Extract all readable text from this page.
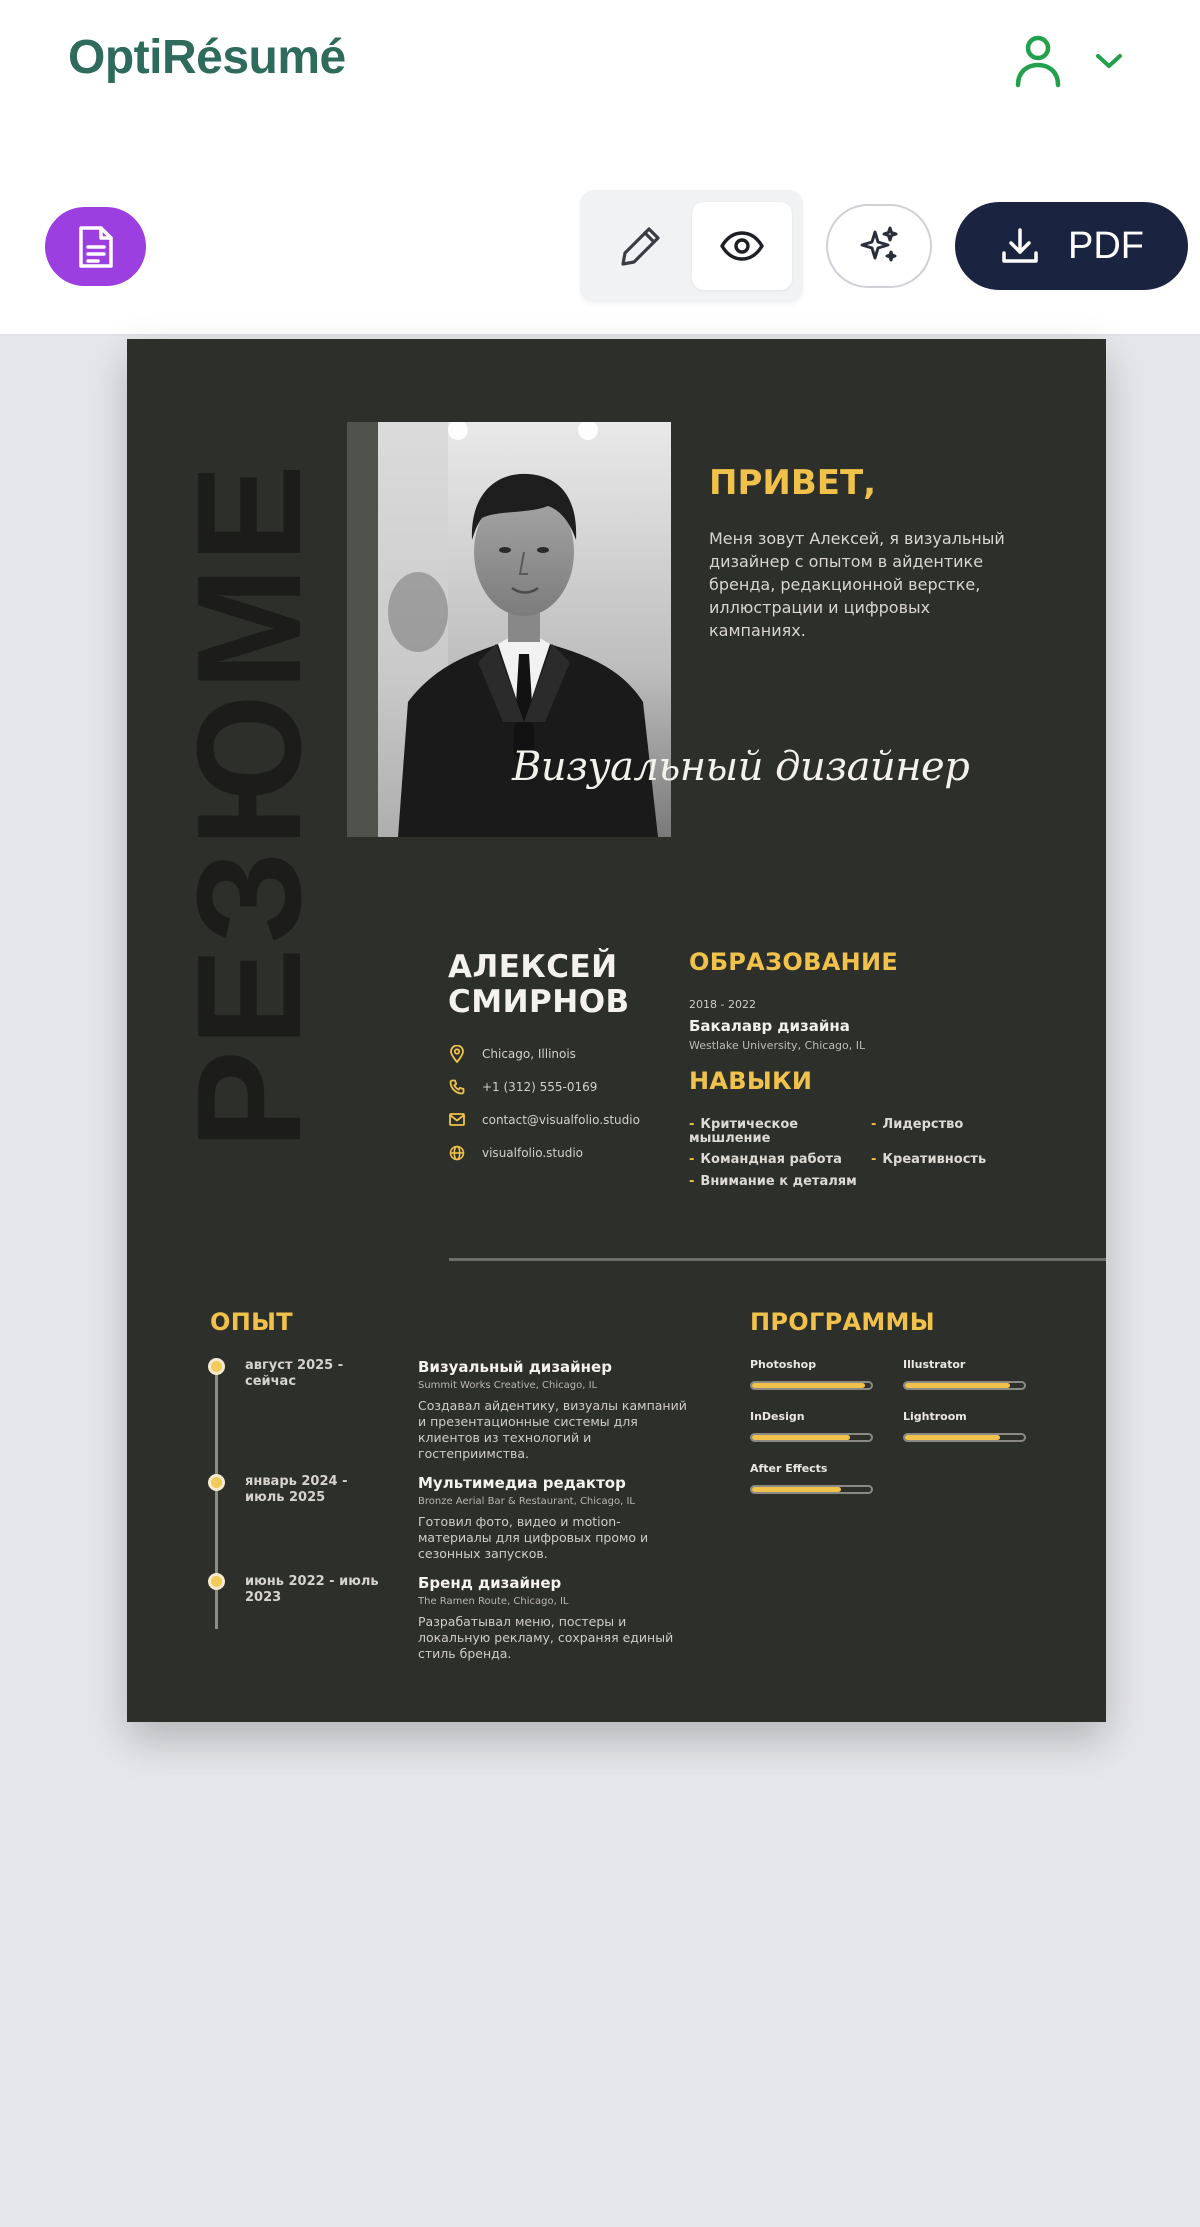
OptiRésumé
PDF
РЕЗЮМЕ	Визуальный дизайнер
ПРИВЕТ,
Меня зовут Алексей, я визуальный дизайнер с опытом в айдентике бренда, редакционной верстке, иллюстрации и цифровых кампаниях.
АЛЕКСЕЙ
СМИРНОВ
Chicago, Illinois
+1 (312) 555-0169
contact@visualfolio.studio
visualfolio.studio
ОБРАЗОВАНИЕ
2018 - 2022
Бакалавр дизайна
Westlake University, Chicago, IL
НАВЫКИ
- Критическое мышление
- Лидерство
- Командная работа - Креативность
- Внимание к деталям
ОПЫТ
август 2025 - сейчас
Визуальный дизайнер
Summit Works Creative, Chicago, IL
Создавал айдентику, визуалы кампаний и презентационные системы для клиентов из технологий и гостеприимства.
январь 2024 - июль 2025
Мультимедиа редактор
Bronze Aerial Bar & Restaurant, Chicago, IL
Готовил фото, видео и motion-материалы для цифровых промо и сезонных запусков.
июнь 2022 - июль 2023
Бренд дизайнер
The Ramen Route, Chicago, IL
Разрабатывал меню, постеры и локальную рекламу, сохраняя единый стиль бренда.
ПРОГРАММЫ
Photoshop	Illustrator
InDesign	Lightroom
After Effects
